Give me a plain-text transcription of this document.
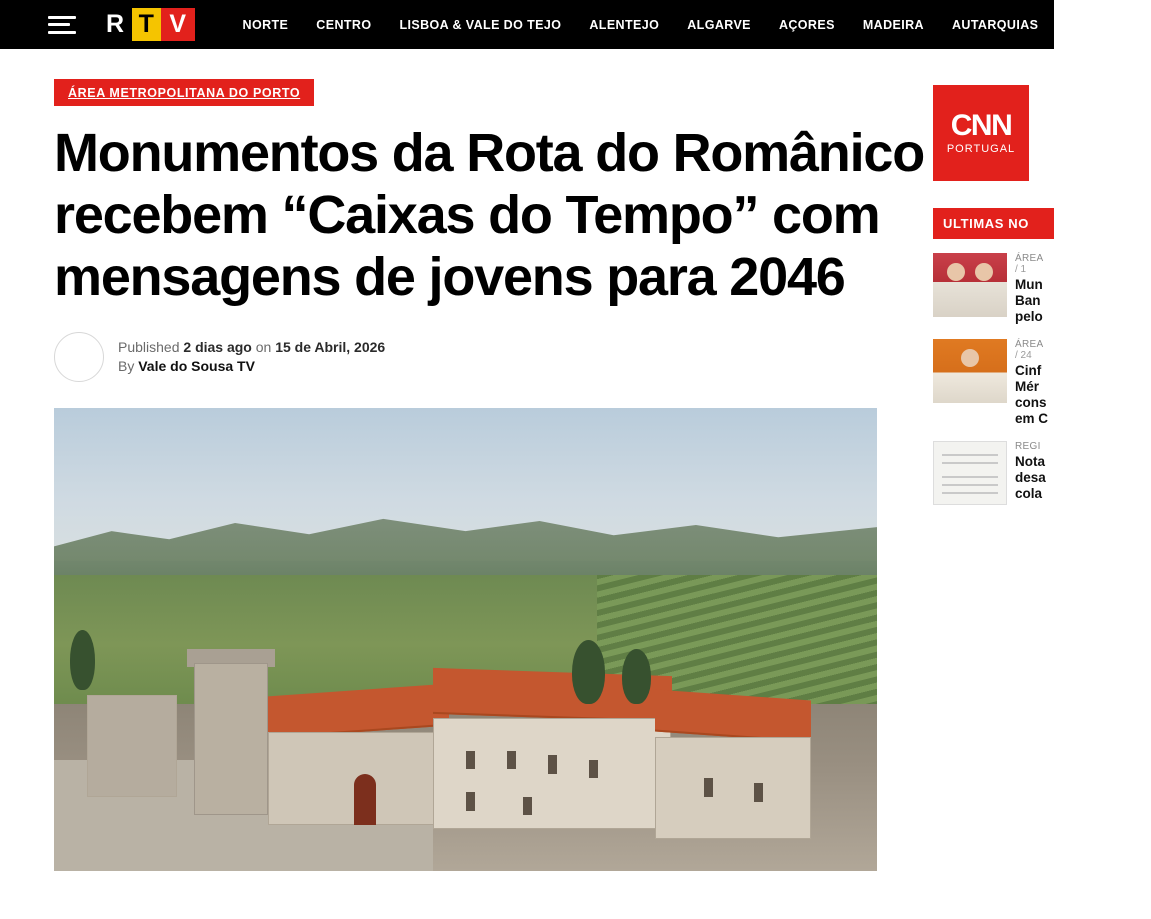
R T V	NORTE	CENTRO	LISBOA & VALE DO TEJO	ALENTEJO	ALGARVE	AÇORES	MADEIRA	AUTARQUIAS	ACADEMIA
ÁREA METROPOLITANA DO PORTO
Monumentos da Rota do Românico recebem “Caixas do Tempo” com mensagens de jovens para 2046
Published 2 dias ago on 15 de Abril, 2026
By Vale do Sousa TV
CNN
PORTUGAL
ULTIMAS NO
ÁREA
/ 1
Mun Ban pelo
ÁREA
/ 24
Cinf Mér cons em C
REGI
Nota desa cola
